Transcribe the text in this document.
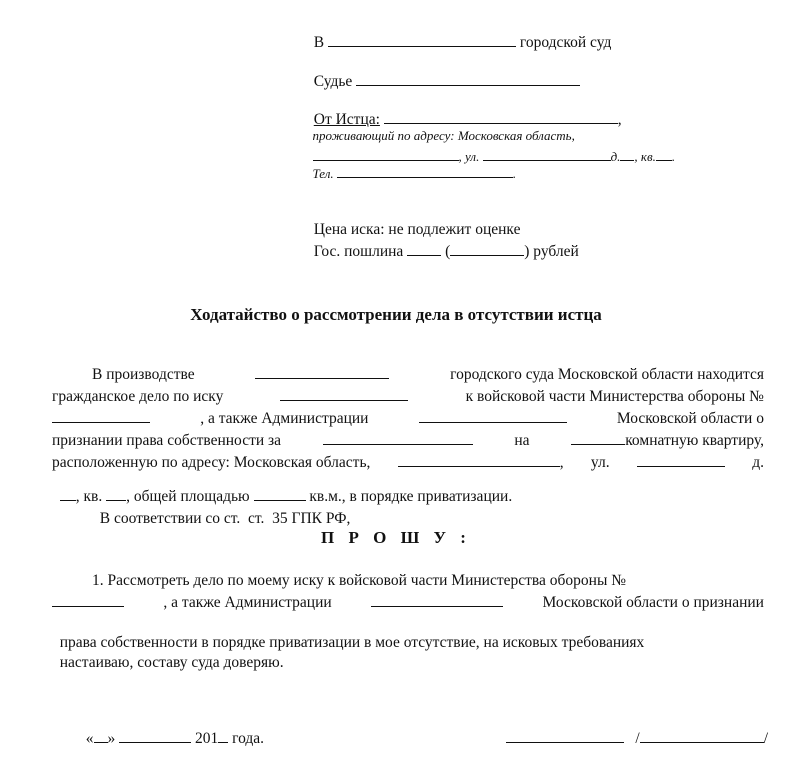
В	городской суд

Судье

От Истца:	,

проживающий по адресу: Московская область,

, ул.	д. , кв. .

Тел.	.

Цена иска: не подлежит оценке

Гос. пошлина	(	) рублей

Ходатайство о рассмотрении дела в отсутствии истца
В производстве	городского суда Московской области находится
гражданское дело по иску	к войсковой части Министерства обороны №
, а также Администрации	Московской области о
признании права собственности за	на	комнатную квартиру,
расположенную по адресу: Московская область,	, ул.	д.

, кв. , общей площадью	кв.м., в порядке приватизации.

В соответствии со ст.  ст.  35 ГПК РФ,

П Р О Ш У :
1. Рассмотреть дело по моему иску к войсковой части Министерства обороны №
, а также Администрации	Московской области о признании

права собственности в порядке приватизации в мое отсутствие, на исковых требованиях

настаиваю, составу суда доверяю.

« »	201 года.	/	/
